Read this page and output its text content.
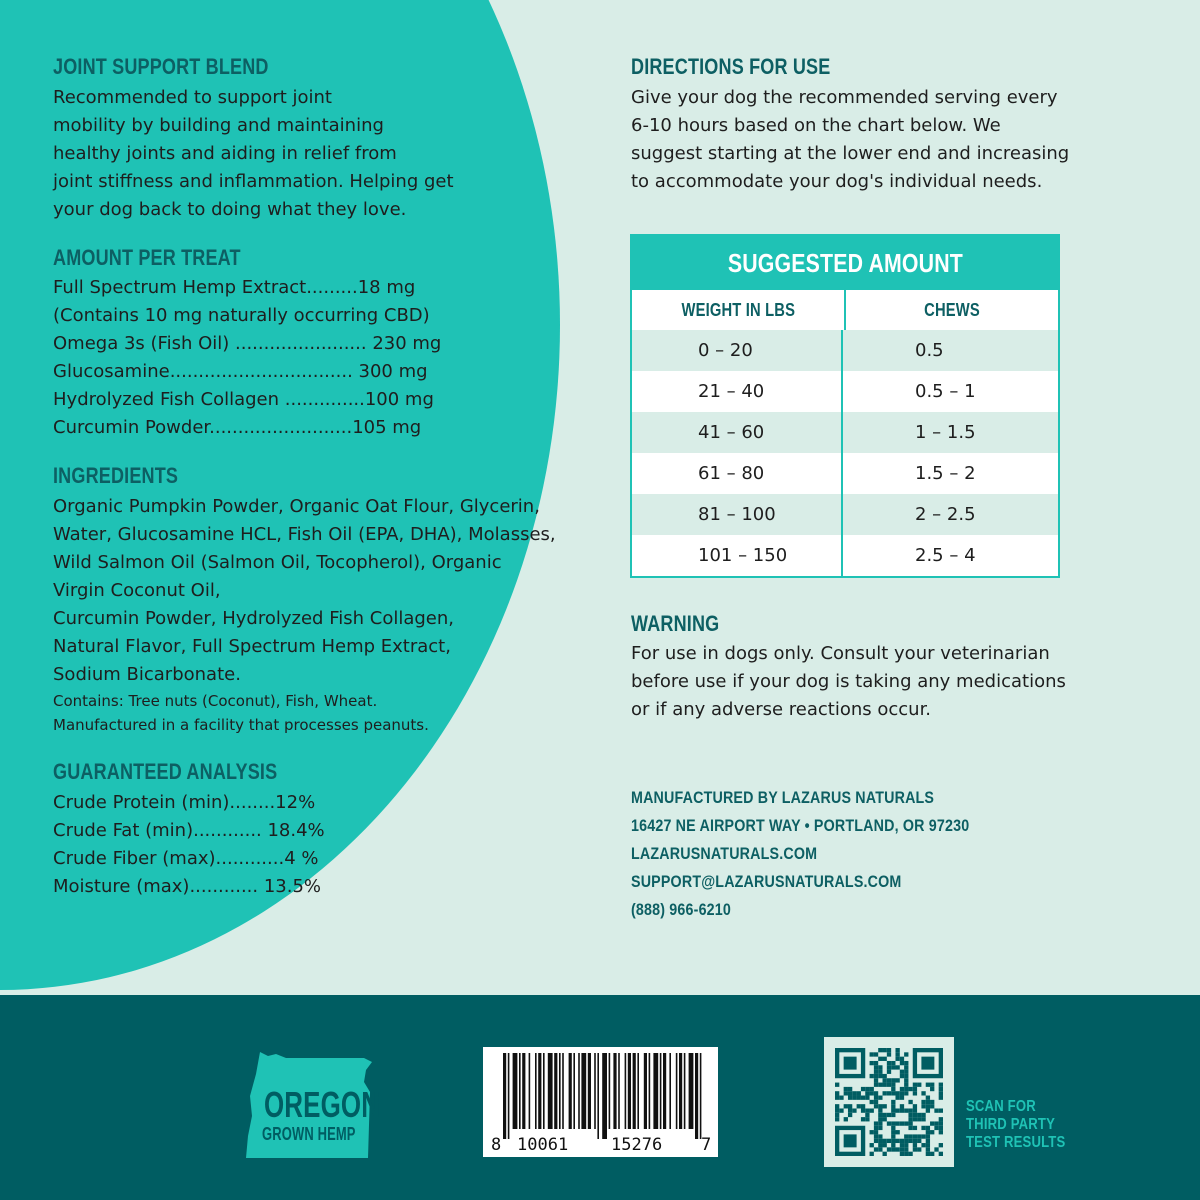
JOINT SUPPORT BLEND
Recommended to support joint
mobility by building and maintaining
healthy joints and aiding in relief from
joint stiffness and inflammation. Helping get
your dog back to doing what they love.
AMOUNT PER TREAT
Full Spectrum Hemp Extract.........18 mg
(Contains 10 mg naturally occurring CBD)
Omega 3s (Fish Oil) ....................... 230 mg
Glucosamine................................ 300 mg
Hydrolyzed Fish Collagen ..............100 mg
Curcumin Powder.........................105 mg
INGREDIENTS
Organic Pumpkin Powder, Organic Oat Flour, Glycerin,
Water, Glucosamine HCL, Fish Oil (EPA, DHA), Molasses,
Wild Salmon Oil (Salmon Oil, Tocopherol), Organic
Virgin Coconut Oil,
Curcumin Powder, Hydrolyzed Fish Collagen,
Natural Flavor, Full Spectrum Hemp Extract,
Sodium Bicarbonate.
Contains: Tree nuts (Coconut), Fish, Wheat.
Manufactured in a facility that processes peanuts.
GUARANTEED ANALYSIS
Crude Protein (min)........12%
Crude Fat (min)............ 18.4%
Crude Fiber (max)............4 %
Moisture (max)............ 13.5%
DIRECTIONS FOR USE
Give your dog the recommended serving every
6-10 hours based on the chart below. We
suggest starting at the lower end and increasing
to accommodate your dog's individual needs.
SUGGESTED AMOUNT
WEIGHT IN LBS	CHEWS
0 – 20	0.5
21 – 40	0.5 – 1
41 – 60	1 – 1.5
61 – 80	1.5 – 2
81 – 100	2 – 2.5
101 – 150	2.5 – 4
WARNING
For use in dogs only. Consult your veterinarian
before use if your dog is taking any medications
or if any adverse reactions occur.
MANUFACTURED BY LAZARUS NATURALS
16427 NE AIRPORT WAY • PORTLAND, OR 97230
LAZARUSNATURALS.COM
SUPPORT@LAZARUSNATURALS.COM
(888) 966-6210
OREGON
GROWN HEMP
8 10061	15276 7
SCAN FOR
THIRD PARTY
TEST RESULTS
